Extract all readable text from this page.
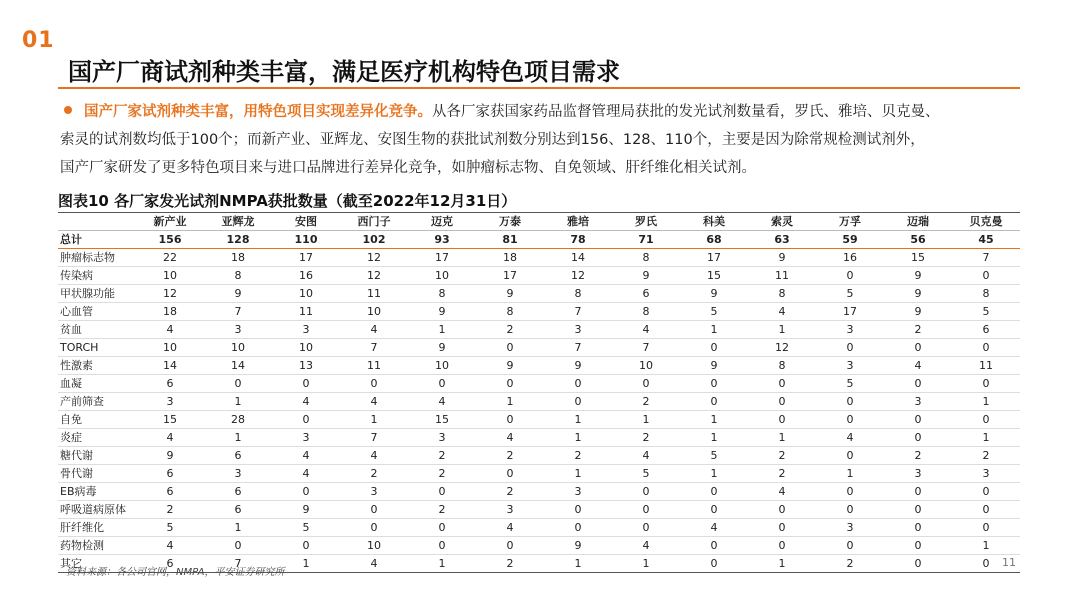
01
国产厂商试剂种类丰富，满足医疗机构特色项目需求
国产厂家试剂种类丰富，用特色项目实现差异化竞争。从各厂家获国家药品监督管理局获批的发光试剂数量看，罗氏、雅培、贝克曼、
索灵的试剂数均低于100个；而新产业、亚辉龙、安图生物的获批试剂数分别达到156、128、110个，主要是因为除常规检测试剂外，
国产厂家研发了更多特色项目来与进口品牌进行差异化竞争，如肿瘤标志物、自免领域、肝纤维化相关试剂。
图表10 各厂家发光试剂NMPA获批数量（截至2022年12月31日）
	新产业	亚辉龙	安图	西门子	迈克	万泰	雅培	罗氏	科美	索灵	万孚	迈瑞	贝克曼
总计	156	128	110	102	93	81	78	71	68	63	59	56	45
肿瘤标志物	22	18	17	12	17	18	14	8	17	9	16	15	7
传染病	10	8	16	12	10	17	12	9	15	11	0	9	0
甲状腺功能	12	9	10	11	8	9	8	6	9	8	5	9	8
心血管	18	7	11	10	9	8	7	8	5	4	17	9	5
贫血	4	3	3	4	1	2	3	4	1	1	3	2	6
TORCH	10	10	10	7	9	0	7	7	0	12	0	0	0
性激素	14	14	13	11	10	9	9	10	9	8	3	4	11
血凝	6	0	0	0	0	0	0	0	0	0	5	0	0
产前筛查	3	1	4	4	4	1	0	2	0	0	0	3	1
自免	15	28	0	1	15	0	1	1	1	0	0	0	0
炎症	4	1	3	7	3	4	1	2	1	1	4	0	1
糖代谢	9	6	4	4	2	2	2	4	5	2	0	2	2
骨代谢	6	3	4	2	2	0	1	5	1	2	1	3	3
EB病毒	6	6	0	3	0	2	3	0	0	4	0	0	0
呼吸道病原体	2	6	9	0	2	3	0	0	0	0	0	0	0
肝纤维化	5	1	5	0	0	4	0	0	4	0	3	0	0
药物检测	4	0	0	10	0	0	9	4	0	0	0	0	1
其它	6	7	1	4	1	2	1	1	0	1	2	0	0
资料来源：各公司官网，NMPA，平安证券研究所
11
